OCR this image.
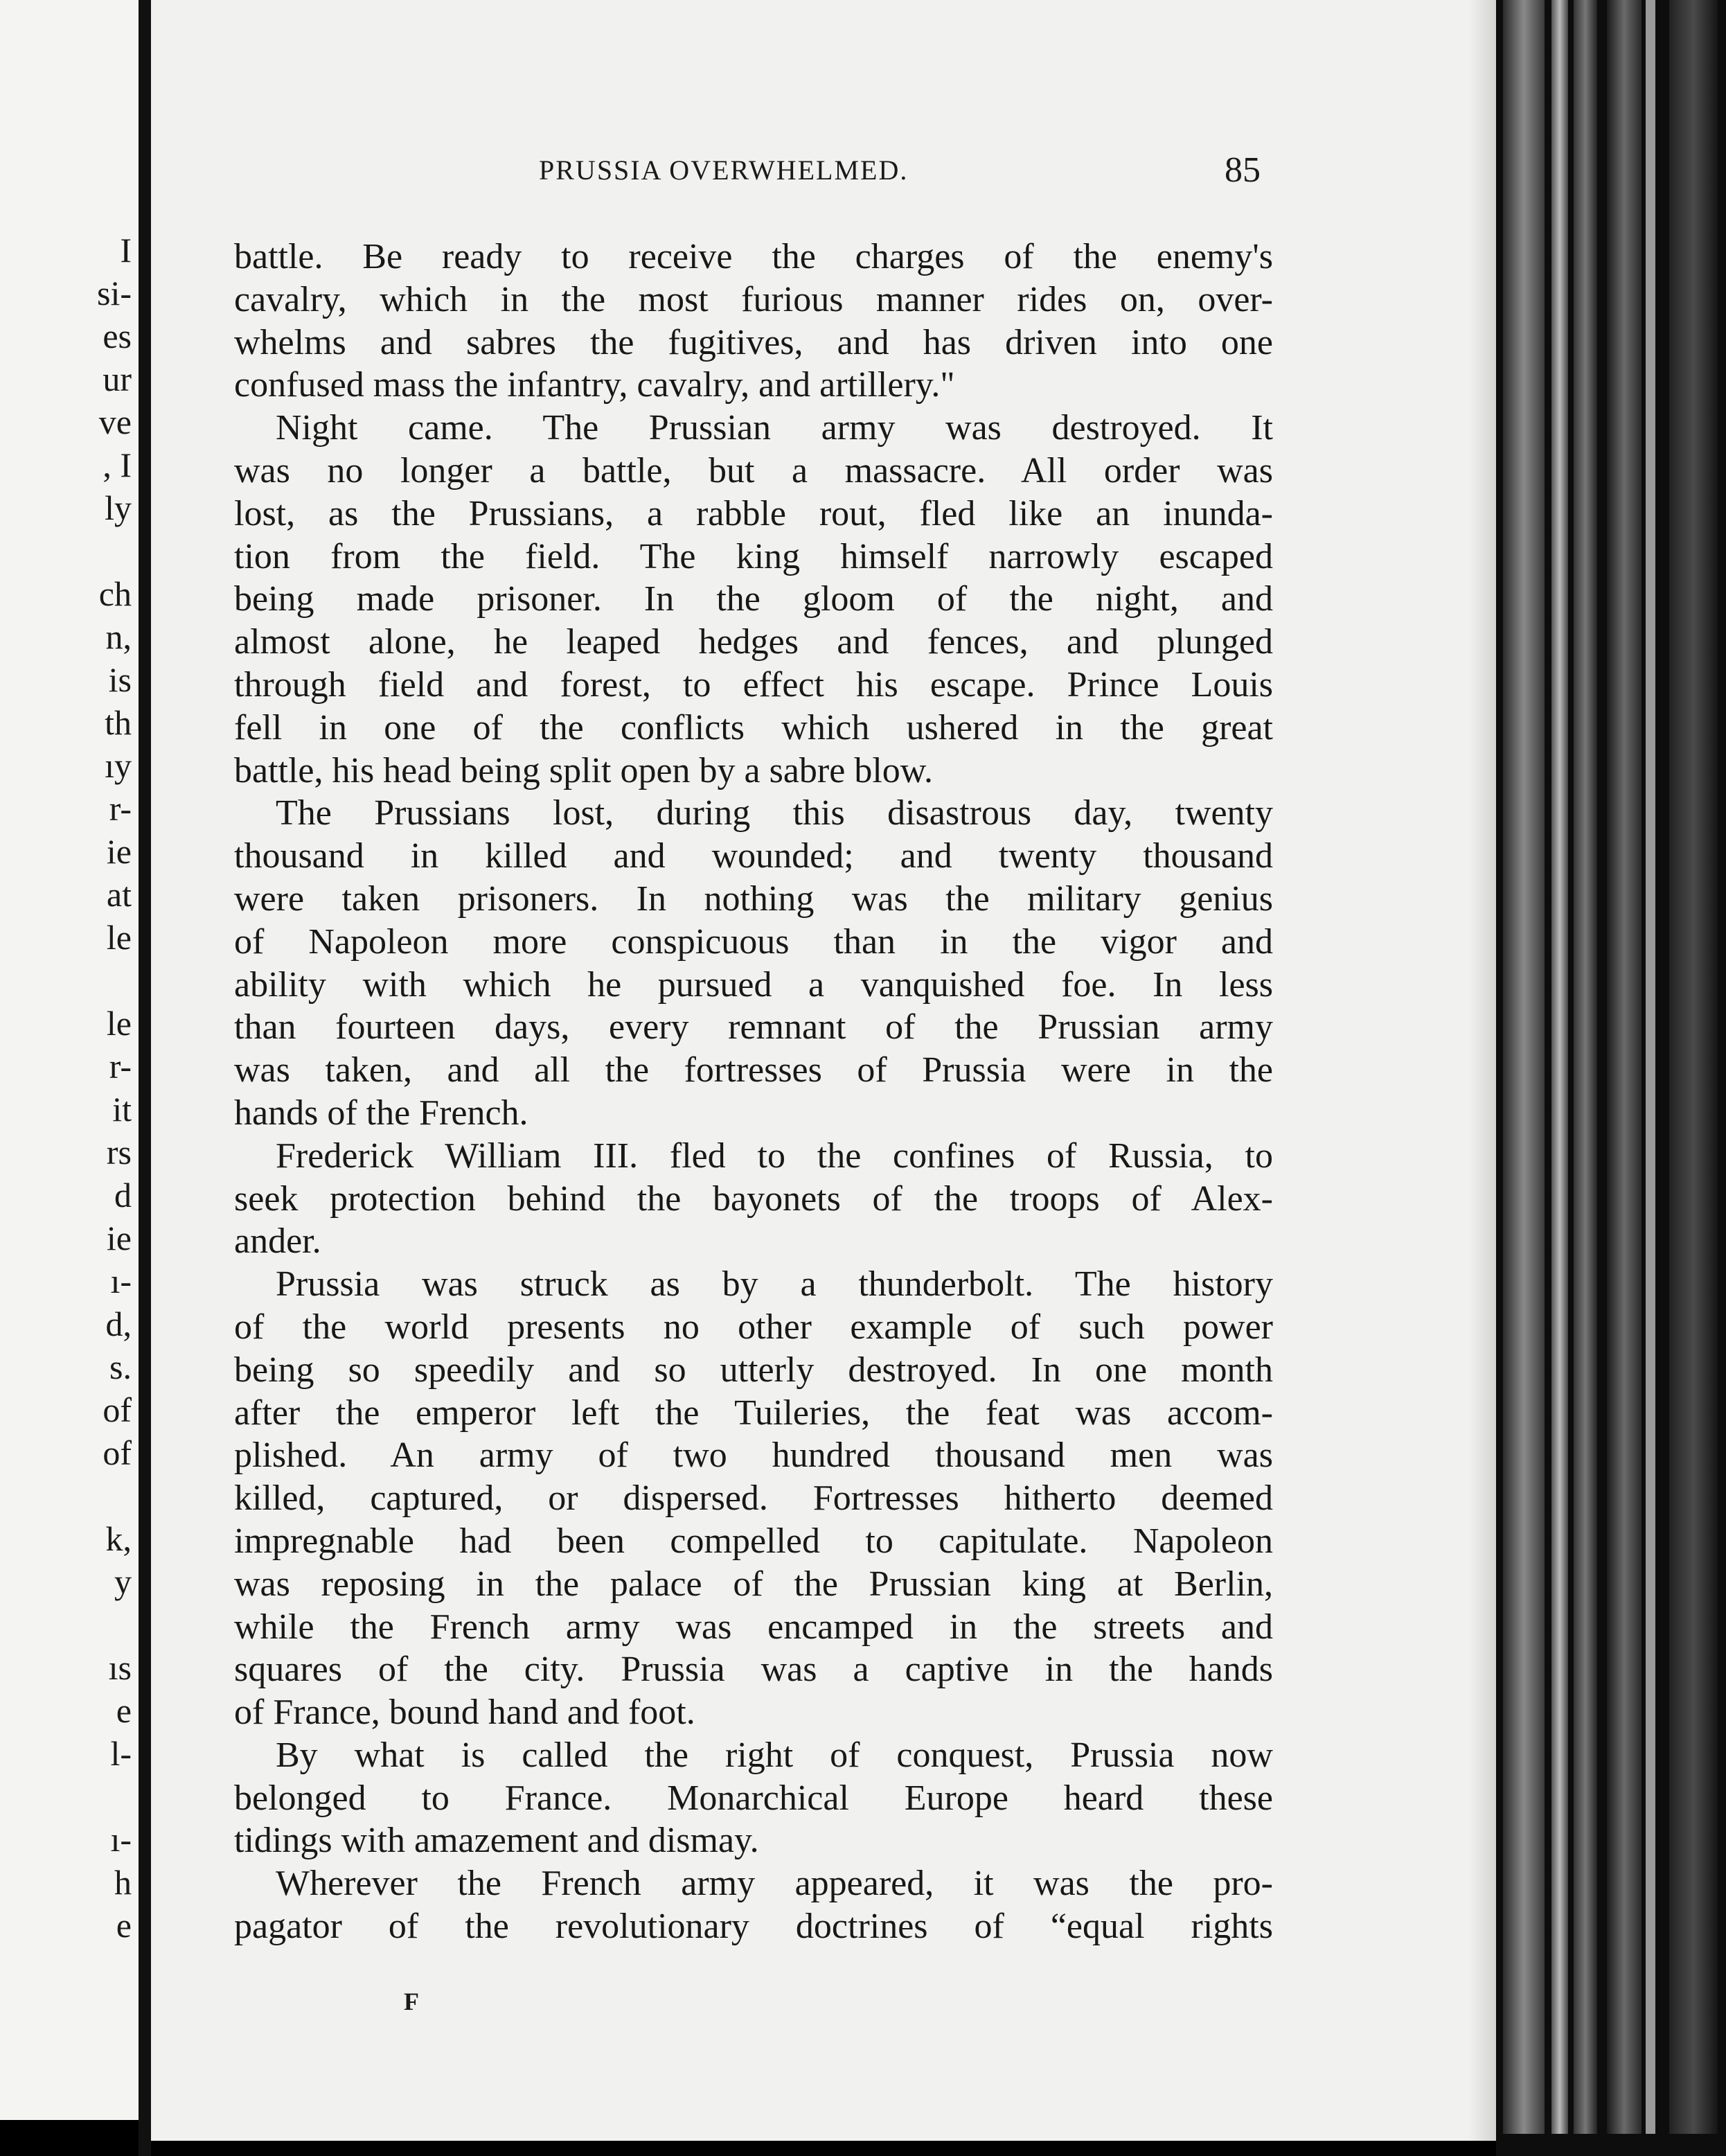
I
si-
es
ur
ve
, I
ly
ch
n,
is
th
ıy
r-
ie
at
le
le
r-
it
rs
d
ie
ı-
d,
s.
of
of
k,
y
ıs
e
l-
ı-
h
e
PRUSSIA OVERWHELMED.	85
battle. Be ready to receive the charges of the enemy's
cavalry, which in the most furious manner rides on, over-
whelms and sabres the fugitives, and has driven into one
confused mass the infantry, cavalry, and artillery."
Night came. The Prussian army was destroyed. It
was no longer a battle, but a massacre. All order was
lost, as the Prussians, a rabble rout, fled like an inunda-
tion from the field. The king himself narrowly escaped
being made prisoner. In the gloom of the night, and
almost alone, he leaped hedges and fences, and plunged
through field and forest, to effect his escape. Prince Louis
fell in one of the conflicts which ushered in the great
battle, his head being split open by a sabre blow.
The Prussians lost, during this disastrous day, twenty
thousand in killed and wounded; and twenty thousand
were taken prisoners. In nothing was the military genius
of Napoleon more conspicuous than in the vigor and
ability with which he pursued a vanquished foe. In less
than fourteen days, every remnant of the Prussian army
was taken, and all the fortresses of Prussia were in the
hands of the French.
Frederick William III. fled to the confines of Russia, to
seek protection behind the bayonets of the troops of Alex-
ander.
Prussia was struck as by a thunderbolt. The history
of the world presents no other example of such power
being so speedily and so utterly destroyed. In one month
after the emperor left the Tuileries, the feat was accom-
plished. An army of two hundred thousand men was
killed, captured, or dispersed. Fortresses hitherto deemed
impregnable had been compelled to capitulate. Napoleon
was reposing in the palace of the Prussian king at Berlin,
while the French army was encamped in the streets and
squares of the city. Prussia was a captive in the hands
of France, bound hand and foot.
By what is called the right of conquest, Prussia now
belonged to France. Monarchical Europe heard these
tidings with amazement and dismay.
Wherever the French army appeared, it was the pro-
pagator of the revolutionary doctrines of “equal rights
F
